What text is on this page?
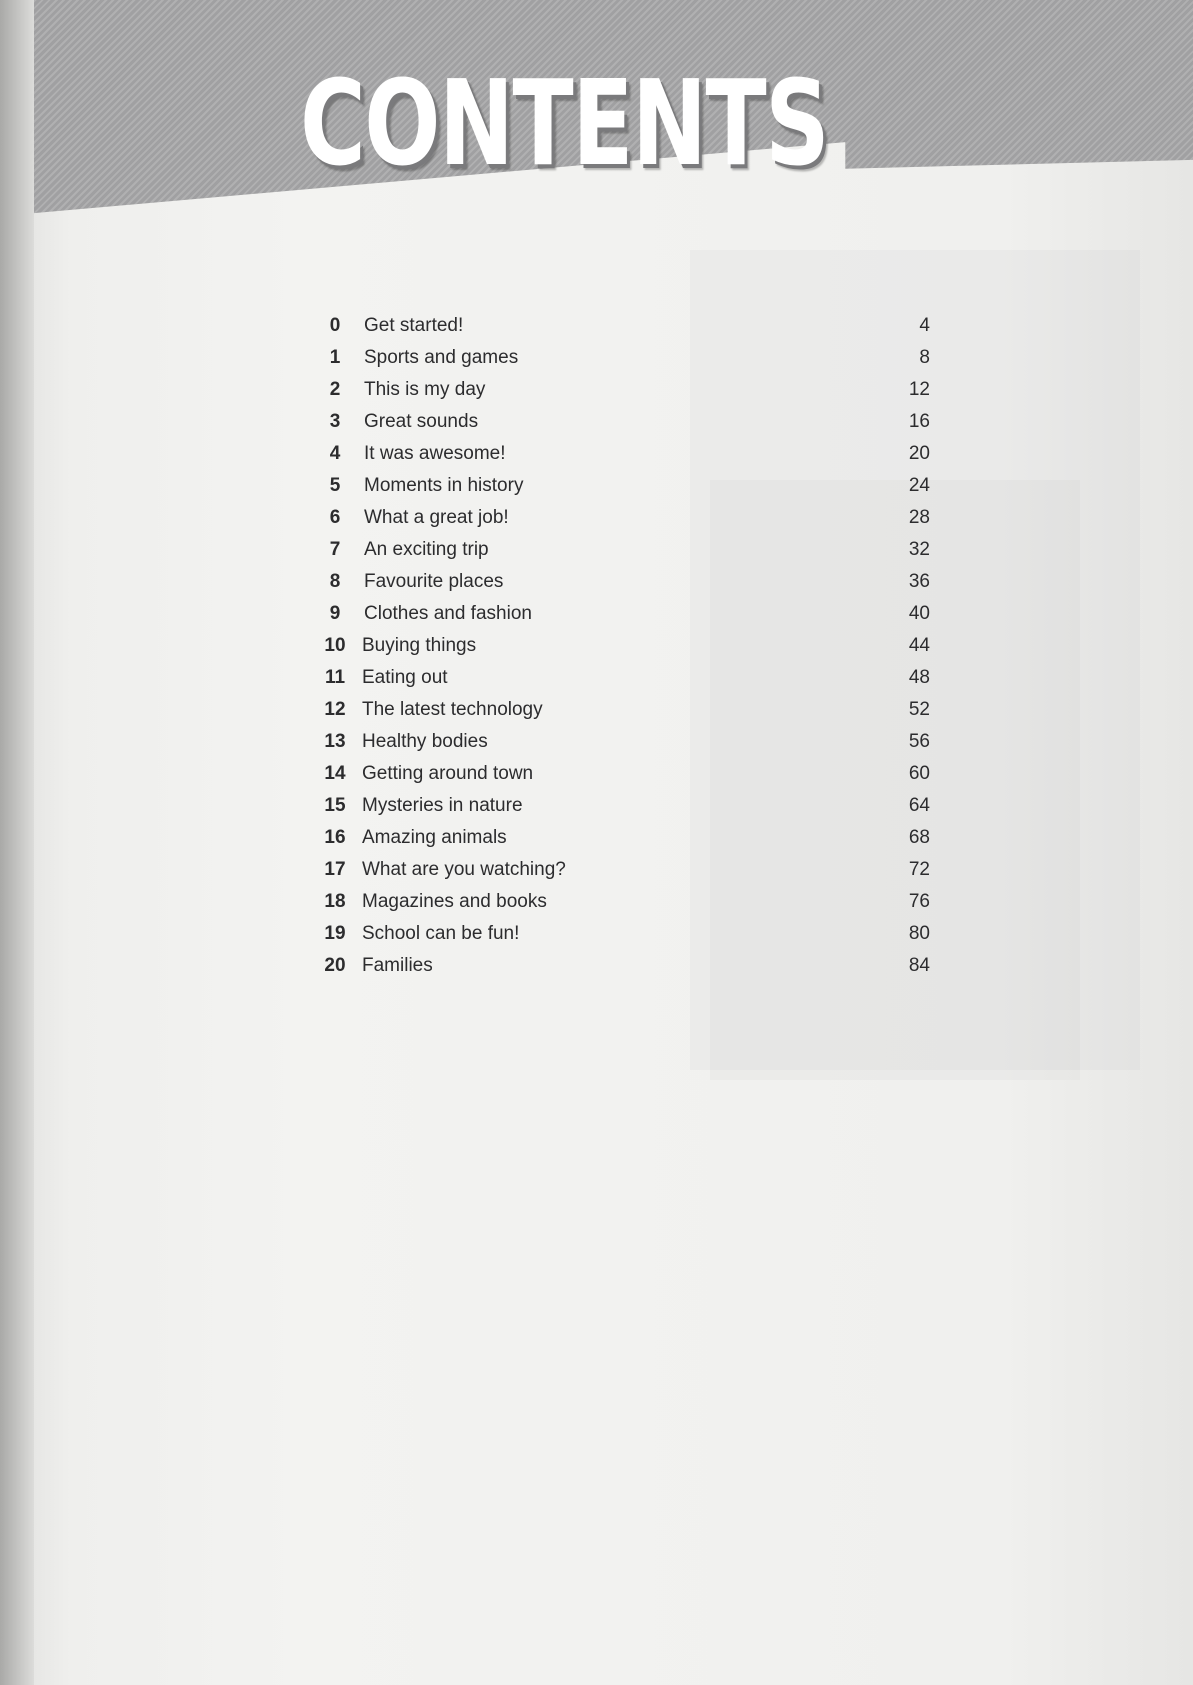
CONTENTS
0	Get started!	4
1	Sports and games	8
2	This is my day	12
3	Great sounds	16
4	It was awesome!	20
5	Moments in history	24
6	What a great job!	28
7	An exciting trip	32
8	Favourite places	36
9	Clothes and fashion	40
10 Buying things	44
11 Eating out	48
12 The latest technology	52
13 Healthy bodies	56
14 Getting around town	60
15 Mysteries in nature	64
16 Amazing animals	68
17 What are you watching?	72
18 Magazines and books	76
19 School can be fun!	80
20 Families	84
